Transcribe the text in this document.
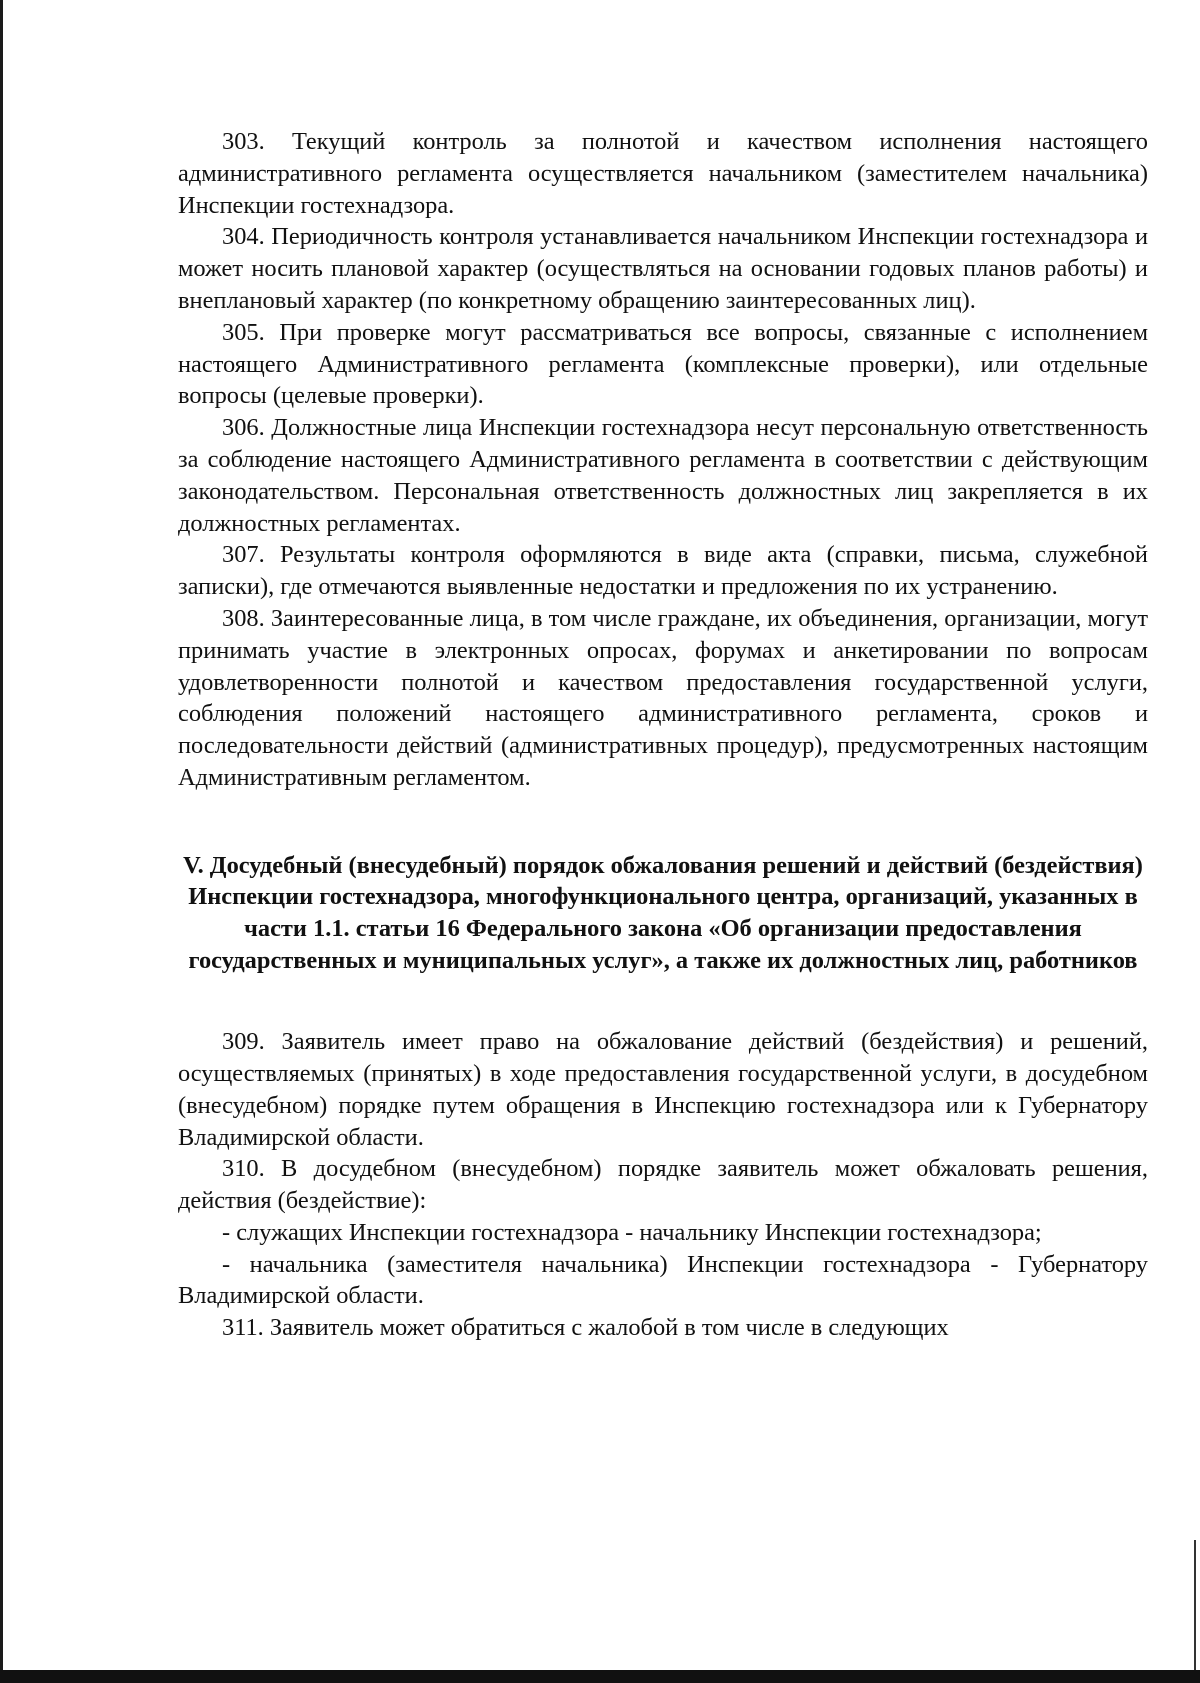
303. Текущий контроль за полнотой и качеством исполнения настоящего административного регламента осуществляется начальником (заместителем начальника) Инспекции гостехнадзора.

304. Периодичность контроля устанавливается начальником Инспекции гостехнадзора и может носить плановой характер (осуществляться на основании годовых планов работы) и внеплановый характер (по конкретному обращению заинтересованных лиц).

305. При проверке могут рассматриваться все вопросы, связанные с исполнением настоящего Административного регламента (комплексные проверки), или отдельные вопросы (целевые проверки).

306. Должностные лица Инспекции гостехнадзора несут персональную ответственность за соблюдение настоящего Административного регламента в соответствии с действующим законодательством. Персональная ответственность должностных лиц закрепляется в их должностных регламентах.

307. Результаты контроля оформляются в виде акта (справки, письма, служебной записки), где отмечаются выявленные недостатки и предложения по их устранению.

308. Заинтересованные лица, в том числе граждане, их объединения, организации, могут принимать участие в электронных опросах, форумах и анкетировании по вопросам удовлетворенности полнотой и качеством предоставления государственной услуги, соблюдения положений настоящего административного регламента, сроков и последовательности действий (административных процедур), предусмотренных настоящим Административным регламентом.

V. Досудебный (внесудебный) порядок обжалования решений и действий (бездействия) Инспекции гостехнадзора, многофункционального центра, организаций, указанных в части 1.1. статьи 16 Федерального закона «Об организации предоставления государственных и муниципальных услуг», а также их должностных лиц, работников

309. Заявитель имеет право на обжалование действий (бездействия) и решений, осуществляемых (принятых) в ходе предоставления государственной услуги, в досудебном (внесудебном) порядке путем обращения в Инспекцию гостехнадзора или к Губернатору Владимирской области.

310. В досудебном (внесудебном) порядке заявитель может обжаловать решения, действия (бездействие):

- служащих Инспекции гостехнадзора - начальнику Инспекции гостехнадзора;

- начальника (заместителя начальника) Инспекции гостехнадзора - Губернатору Владимирской области.

311. Заявитель может обратиться с жалобой в том числе в следующих
